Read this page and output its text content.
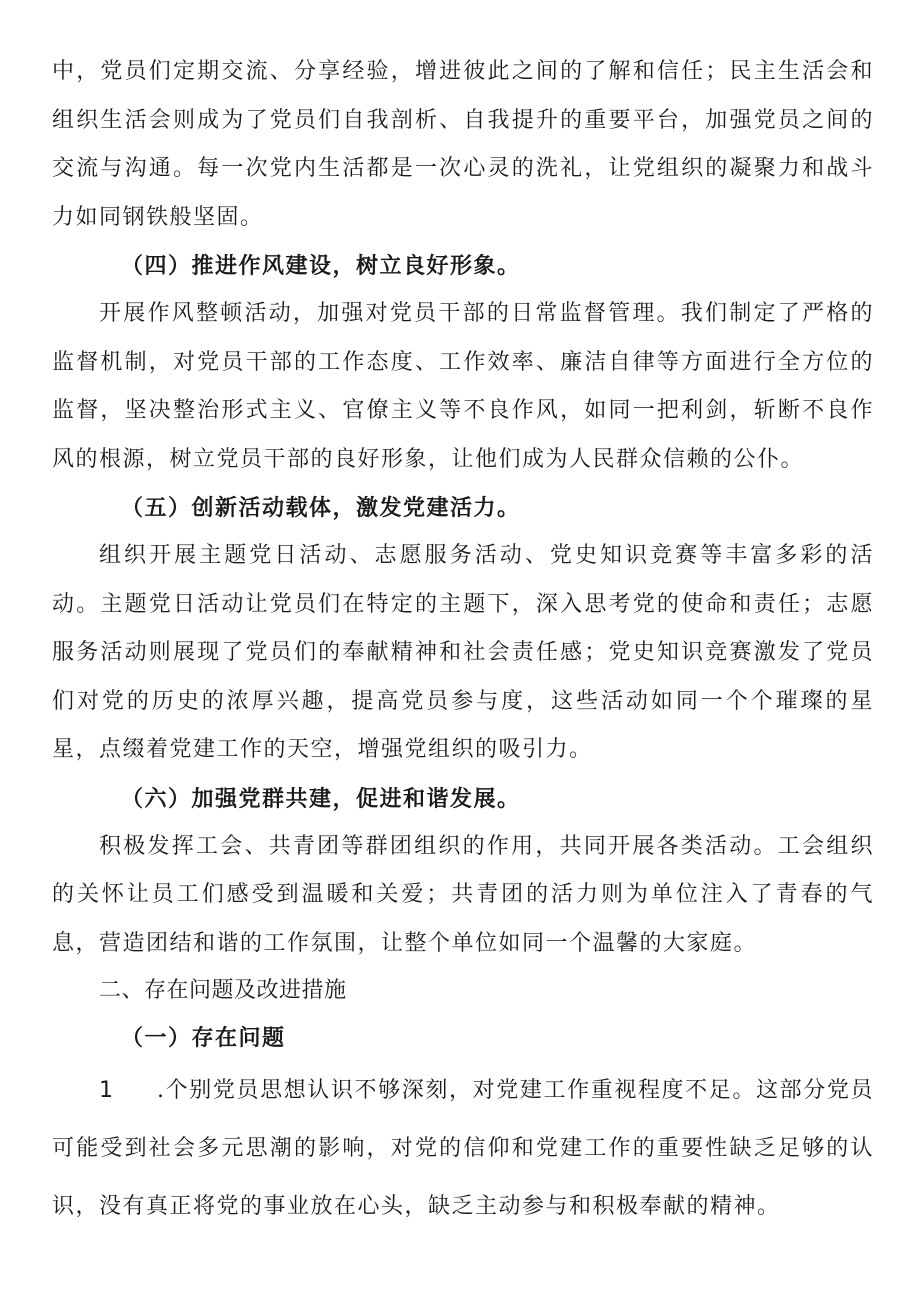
中，党员们定期交流、分享经验，增进彼此之间的了解和信任；民主生活会和组织生活会则成为了党员们自我剖析、自我提升的重要平台，加强党员之间的交流与沟通。每一次党内生活都是一次心灵的洗礼，让党组织的凝聚力和战斗力如同钢铁般坚固。

（四）推进作风建设，树立良好形象。

开展作风整顿活动，加强对党员干部的日常监督管理。我们制定了严格的监督机制，对党员干部的工作态度、工作效率、廉洁自律等方面进行全方位的监督，坚决整治形式主义、官僚主义等不良作风，如同一把利剑，斩断不良作风的根源，树立党员干部的良好形象，让他们成为人民群众信赖的公仆。

（五）创新活动载体，激发党建活力。

组织开展主题党日活动、志愿服务活动、党史知识竞赛等丰富多彩的活动。主题党日活动让党员们在特定的主题下，深入思考党的使命和责任；志愿服务活动则展现了党员们的奉献精神和社会责任感；党史知识竞赛激发了党员们对党的历史的浓厚兴趣，提高党员参与度，这些活动如同一个个璀璨的星星，点缀着党建工作的天空，增强党组织的吸引力。

（六）加强党群共建，促进和谐发展。

积极发挥工会、共青团等群团组织的作用，共同开展各类活动。工会组织的关怀让员工们感受到温暖和关爱；共青团的活力则为单位注入了青春的气息，营造团结和谐的工作氛围，让整个单位如同一个温馨的大家庭。

二、存在问题及改进措施

（一）存在问题

1 .个别党员思想认识不够深刻，对党建工作重视程度不足。这部分党员可能受到社会多元思潮的影响，对党的信仰和党建工作的重要性缺乏足够的认识，没有真正将党的事业放在心头，缺乏主动参与和积极奉献的精神。
